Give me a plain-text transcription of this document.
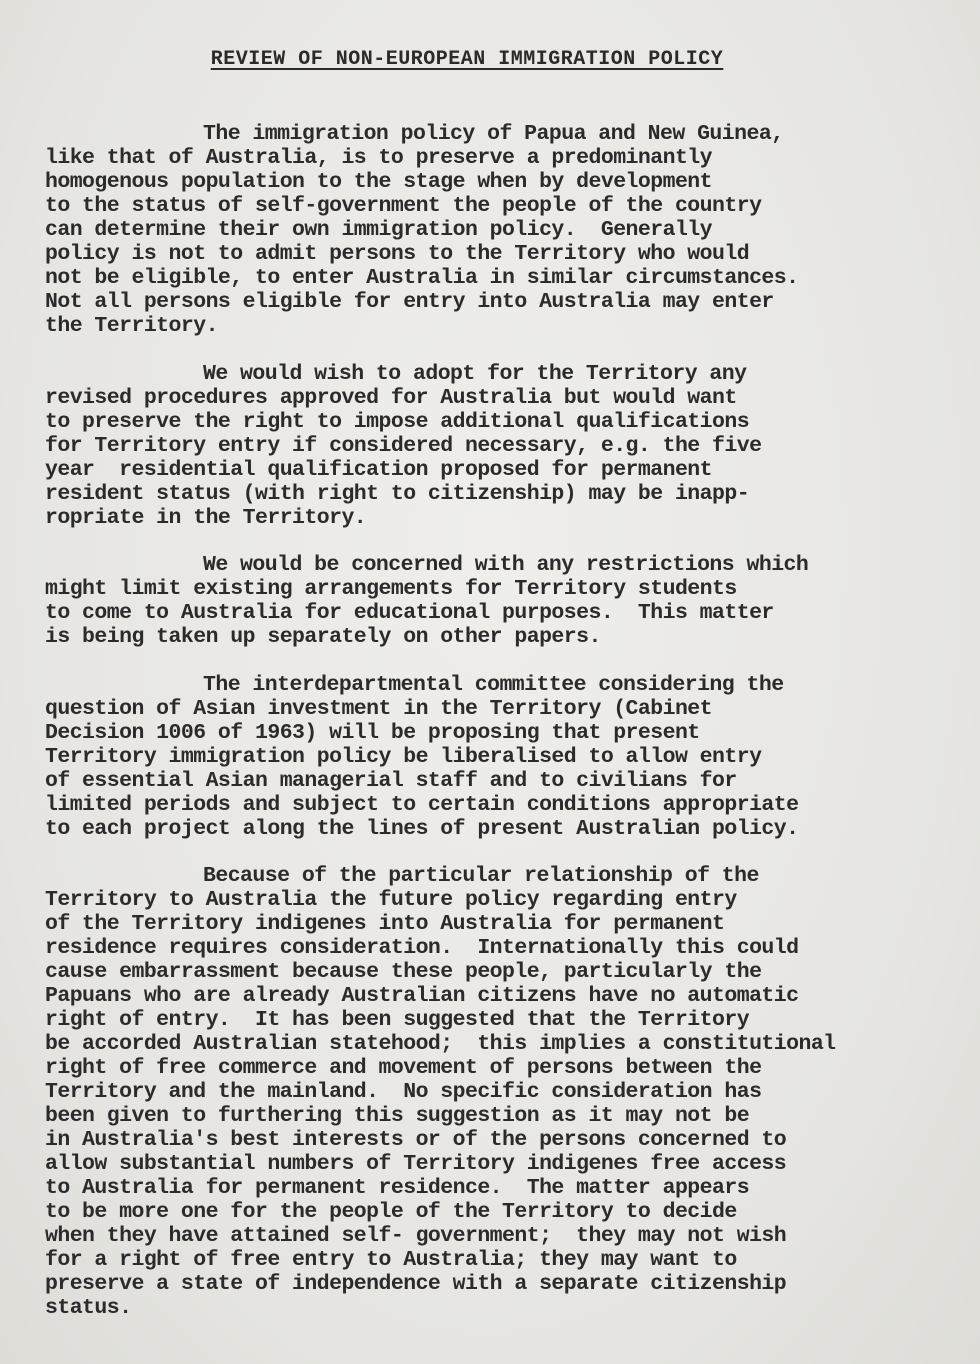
REVIEW OF NON-EUROPEAN IMMIGRATION POLICY
The immigration policy of Papua and New Guinea,
like that of Australia, is to preserve a predominantly
homogenous population to the stage when by development
to the status of self-government the people of the country
can determine their own immigration policy.  Generally
policy is not to admit persons to the Territory who would
not be eligible, to enter Australia in similar circumstances.
Not all persons eligible for entry into Australia may enter
the Territory.
We would wish to adopt for the Territory any
revised procedures approved for Australia but would want
to preserve the right to impose additional qualifications
for Territory entry if considered necessary, e.g. the five
year  residential qualification proposed for permanent
resident status (with right to citizenship) may be inapp-
ropriate in the Territory.
We would be concerned with any restrictions which
might limit existing arrangements for Territory students
to come to Australia for educational purposes.  This matter
is being taken up separately on other papers.
The interdepartmental committee considering the
question of Asian investment in the Territory (Cabinet
Decision 1006 of 1963) will be proposing that present
Territory immigration policy be liberalised to allow entry
of essential Asian managerial staff and to civilians for
limited periods and subject to certain conditions appropriate
to each project along the lines of present Australian policy.
Because of the particular relationship of the
Territory to Australia the future policy regarding entry
of the Territory indigenes into Australia for permanent
residence requires consideration.  Internationally this could
cause embarrassment because these people, particularly the
Papuans who are already Australian citizens have no automatic
right of entry.  It has been suggested that the Territory
be accorded Australian statehood;  this implies a constitutional
right of free commerce and movement of persons between the
Territory and the mainland.  No specific consideration has
been given to furthering this suggestion as it may not be
in Australia's best interests or of the persons concerned to
allow substantial numbers of Territory indigenes free access
to Australia for permanent residence.  The matter appears
to be more one for the people of the Territory to decide
when they have attained self- government;  they may not wish
for a right of free entry to Australia; they may want to
preserve a state of independence with a separate citizenship
status.
